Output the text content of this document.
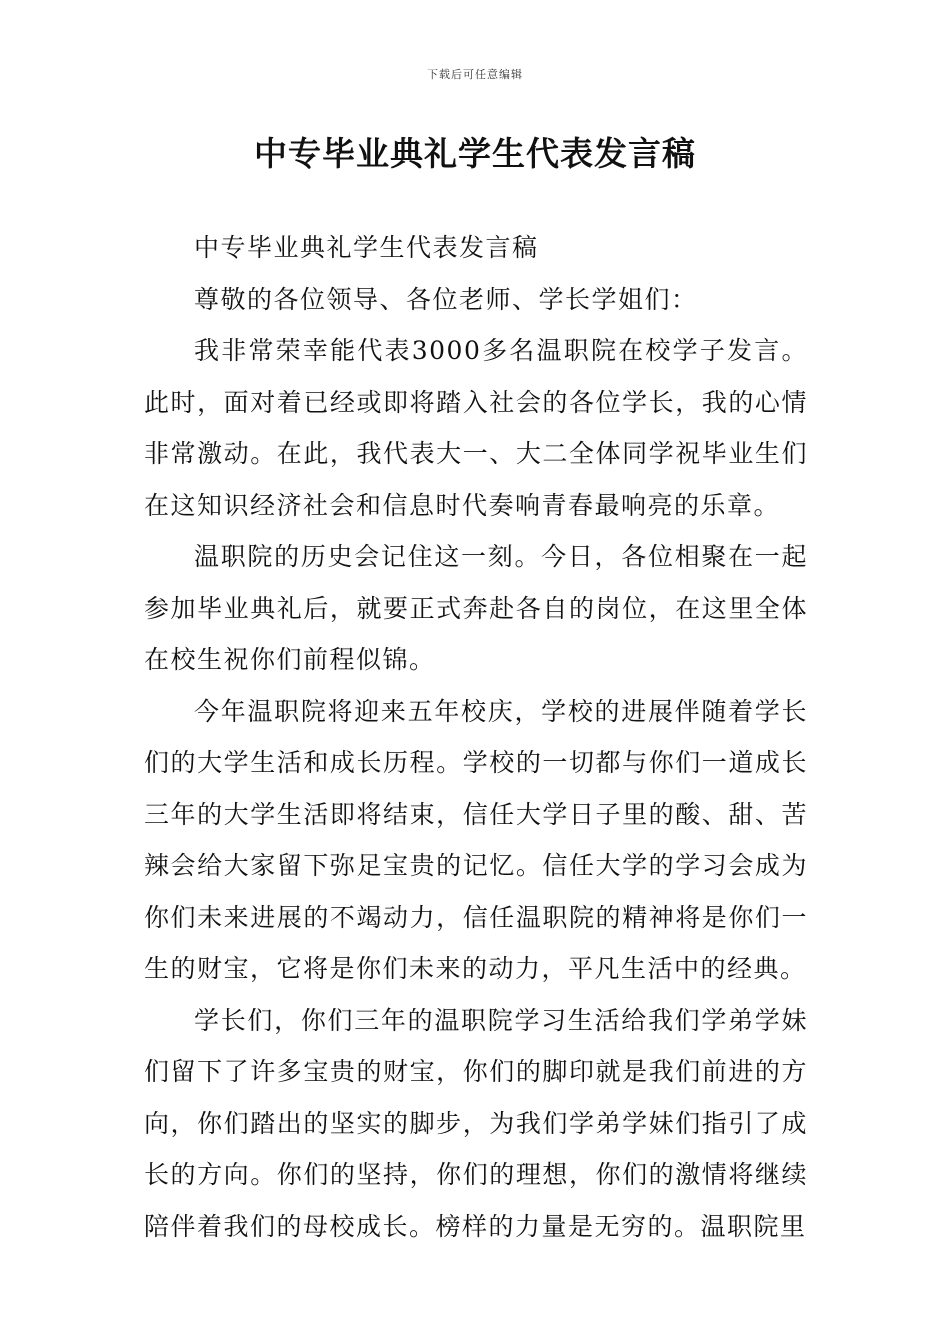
下载后可任意编辑
中专毕业典礼学生代表发言稿

中专毕业典礼学生代表发言稿

尊敬的各位领导、各位老师、学长学姐们：

我非常荣幸能代表3000多名温职院在校学子发言。此时，面对着已经或即将踏入社会的各位学长，我的心情非常激动。在此，我代表大一、大二全体同学祝毕业生们在这知识经济社会和信息时代奏响青春最响亮的乐章。

温职院的历史会记住这一刻。今日，各位相聚在一起参加毕业典礼后，就要正式奔赴各自的岗位，在这里全体在校生祝你们前程似锦。

今年温职院将迎来五年校庆，学校的进展伴随着学长们的大学生活和成长历程。学校的一切都与你们一道成长三年的大学生活即将结束，信任大学日子里的酸、甜、苦辣会给大家留下弥足宝贵的记忆。信任大学的学习会成为你们未来进展的不竭动力，信任温职院的精神将是你们一生的财宝，它将是你们未来的动力，平凡生活中的经典。

学长们，你们三年的温职院学习生活给我们学弟学妹们留下了许多宝贵的财宝，你们的脚印就是我们前进的方向，你们踏出的坚实的脚步，为我们学弟学妹们指引了成长的方向。你们的坚持，你们的理想，你们的激情将继续陪伴着我们的母校成长。榜样的力量是无穷的。温职院里
